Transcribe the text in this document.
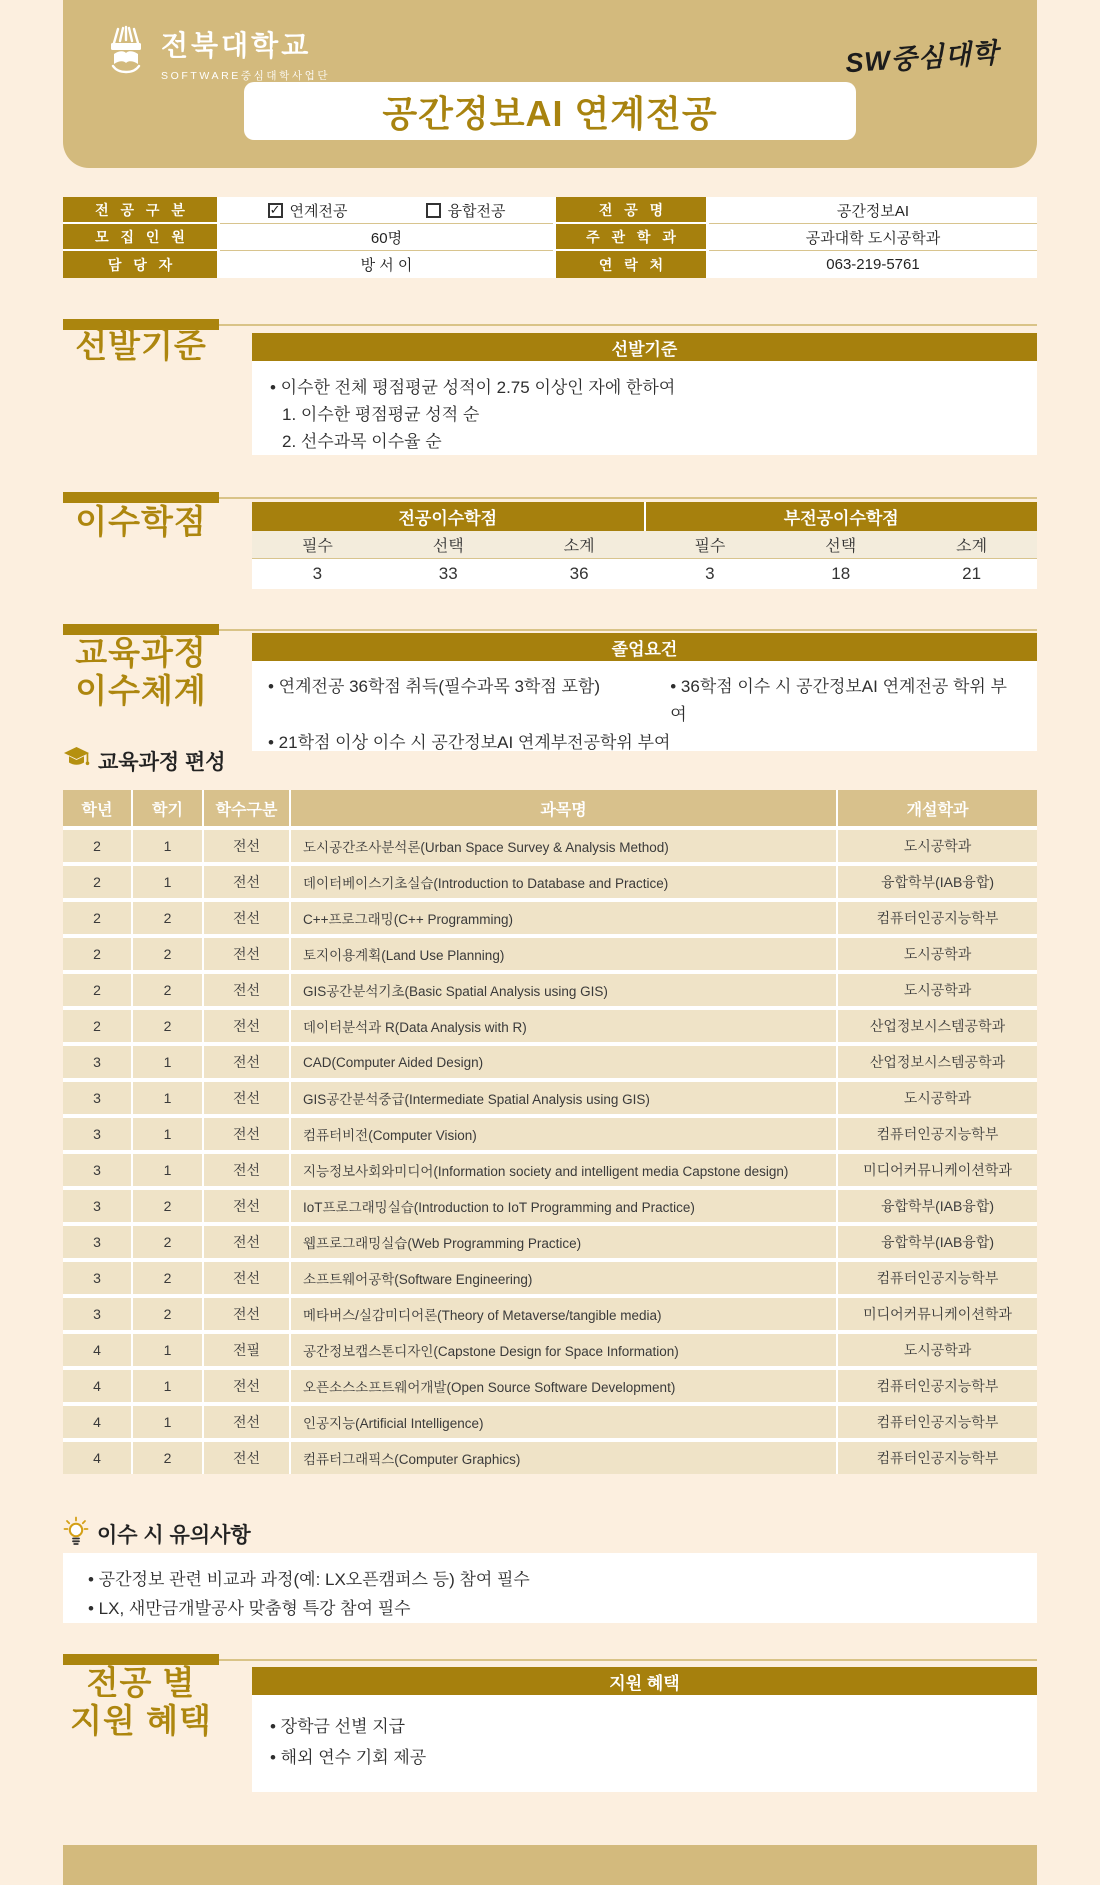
전북대학교
SOFTWARE중심대학사업단	SW중심대학
공간정보AI 연계전공
전 공 구 분	✓ 연계전공	융합전공	전 공 명	공간정보AI
모 집 인 원	60명	주 관 학 과	공과대학 도시공학과
담 당 자	방 서 이	연 락 처	063-219-5761
선발기준	선발기준
• 이수한 전체 평점평균 성적이 2.75 이상인 자에 한하여
1. 이수한 평점평균 성적 순
2. 선수과목 이수율 순
이수학점	전공이수학점	부전공이수학점
필수	선택	소계	필수	선택	소계
3	33	36	3	18	21
교육과정
이수체계
졸업요건
• 연계전공 36학점 취득(필수과목 3학점 포함)	• 36학점 이수 시 공간정보AI 연계전공 학위 부여
• 21학점 이상 이수 시 공간정보AI 연계부전공학위 부여
교육과정 편성
학년	학기	학수구분	과목명	개설학과
2	1	전선	도시공간조사분석론(Urban Space Survey & Analysis Method)	도시공학과
2	1	전선	데이터베이스기초실습(Introduction to Database and Practice)	융합학부(IAB융합)
2	2	전선	C++프로그래밍(C++ Programming)	컴퓨터인공지능학부
2	2	전선	토지이용계획(Land Use Planning)	도시공학과
2	2	전선	GIS공간분석기초(Basic Spatial Analysis using GIS)	도시공학과
2	2	전선	데이터분석과 R(Data Analysis with R)	산업정보시스템공학과
3	1	전선	CAD(Computer Aided Design)	산업정보시스템공학과
3	1	전선	GIS공간분석중급(Intermediate Spatial Analysis using GIS)	도시공학과
3	1	전선	컴퓨터비전(Computer Vision)	컴퓨터인공지능학부
3	1	전선	지능정보사회와미디어(Information society and intelligent media Capstone design)	미디어커뮤니케이션학과
3	2	전선	IoT프로그래밍실습(Introduction to IoT Programming and Practice)	융합학부(IAB융합)
3	2	전선	웹프로그래밍실습(Web Programming Practice)	융합학부(IAB융합)
3	2	전선	소프트웨어공학(Software Engineering)	컴퓨터인공지능학부
3	2	전선	메타버스/실감미디어론(Theory of Metaverse/tangible media)	미디어커뮤니케이션학과
4	1	전필	공간정보캡스톤디자인(Capstone Design for Space Information)	도시공학과
4	1	전선	오픈소스소프트웨어개발(Open Source Software Development)	컴퓨터인공지능학부
4	1	전선	인공지능(Artificial Intelligence)	컴퓨터인공지능학부
4	2	전선	컴퓨터그래픽스(Computer Graphics)	컴퓨터인공지능학부
이수 시 유의사항
• 공간정보 관련 비교과 과정(예: LX오픈캠퍼스 등) 참여 필수
• LX, 새만금개발공사 맞춤형 특강 참여 필수
전공 별
지원 혜택
지원 혜택
• 장학금 선별 지급
• 해외 연수 기회 제공
